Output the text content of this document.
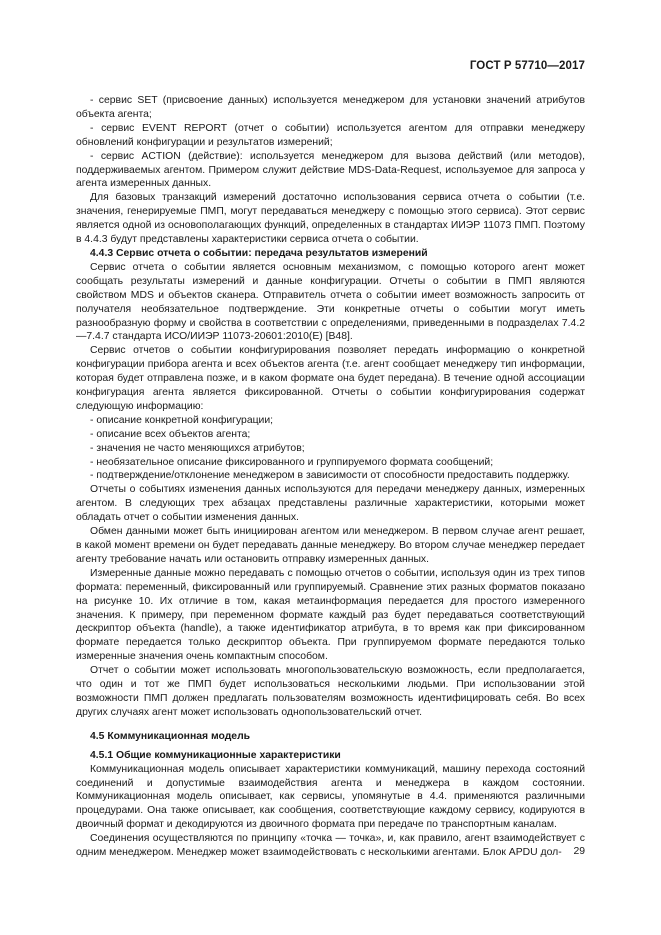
ГОСТ Р 57710—2017

- сервис SET (присвоение данных) используется менеджером для установки значений атрибутов объекта агента;

- сервис EVENT REPORT (отчет о событии) используется агентом для отправки менеджеру обновлений конфигурации и результатов измерений;

- сервис ACTION (действие): используется менеджером для вызова действий (или методов), поддерживаемых агентом. Примером служит действие MDS-Data-Request, используемое для запроса у агента измеренных данных.

Для базовых транзакций измерений достаточно использования сервиса отчета о событии (т.е. значения, генерируемые ПМП, могут передаваться менеджеру с помощью этого сервиса). Этот сервис является одной из основополагающих функций, определенных в стандартах ИИЭР 11073 ПМП. Поэтому в 4.4.3 будут представлены характеристики сервиса отчета о событии.

4.4.3 Сервис отчета о событии: передача результатов измерений

Сервис отчета о событии является основным механизмом, с помощью которого агент может сообщать результаты измерений и данные конфигурации. Отчеты о событии в ПМП являются свойством MDS и объектов сканера. Отправитель отчета о событии имеет возможность запросить от получателя необязательное подтверждение. Эти конкретные отчеты о событии могут иметь разнообразную форму и свойства в соответствии с определениями, приведенными в подразделах 7.4.2—7.4.7 стандарта ИСО/ИИЭР 11073-20601:2010(E) [B48].

Сервис отчетов о событии конфигурирования позволяет передать информацию о конкретной конфигурации прибора агента и всех объектов агента (т.е. агент сообщает менеджеру тип информации, которая будет отправлена позже, и в каком формате она будет передана). В течение одной ассоциации конфигурация агента является фиксированной. Отчеты о событии конфигурирования содержат следующую информацию:

- описание конкретной конфигурации;

- описание всех объектов агента;

- значения не часто меняющихся атрибутов;

- необязательное описание фиксированного и группируемого формата сообщений;

- подтверждение/отклонение менеджером в зависимости от способности предоставить поддержку.

Отчеты о событиях изменения данных используются для передачи менеджеру данных, измеренных агентом. В следующих трех абзацах представлены различные характеристики, которыми может обладать отчет о событии изменения данных.

Обмен данными может быть инициирован агентом или менеджером. В первом случае агент решает, в какой момент времени он будет передавать данные менеджеру. Во втором случае менеджер передает агенту требование начать или остановить отправку измеренных данных.

Измеренные данные можно передавать с помощью отчетов о событии, используя один из трех типов формата: переменный, фиксированный или группируемый. Сравнение этих разных форматов показано на рисунке 10. Их отличие в том, какая метаинформация передается для простого измеренного значения. К примеру, при переменном формате каждый раз будет передаваться соответствующий дескриптор объекта (handle), а также идентификатор атрибута, в то время как при фиксированном формате передается только дескриптор объекта. При группируемом формате передаются только измеренные значения очень компактным способом.

Отчет о событии может использовать многопользовательскую возможность, если предполагается, что один и тот же ПМП будет использоваться несколькими людьми. При использовании этой возможности ПМП должен предлагать пользователям возможность идентифицировать себя. Во всех других случаях агент может использовать однопользовательский отчет.

4.5 Коммуникационная модель
4.5.1 Общие коммуникационные характеристики

Коммуникационная модель описывает характеристики коммуникаций, машину перехода состояний соединений и допустимые взаимодействия агента и менеджера в каждом состоянии. Коммуникационная модель описывает, как сервисы, упомянутые в 4.4. применяются различными процедурами. Она также описывает, как сообщения, соответствующие каждому сервису, кодируются в двоичный формат и декодируются из двоичного формата при передаче по транспортным каналам.

Соединения осуществляются по принципу «точка — точка», и, как правило, агент взаимодействует с одним менеджером. Менеджер может взаимодействовать с несколькими агентами. Блок APDU дол-	29
